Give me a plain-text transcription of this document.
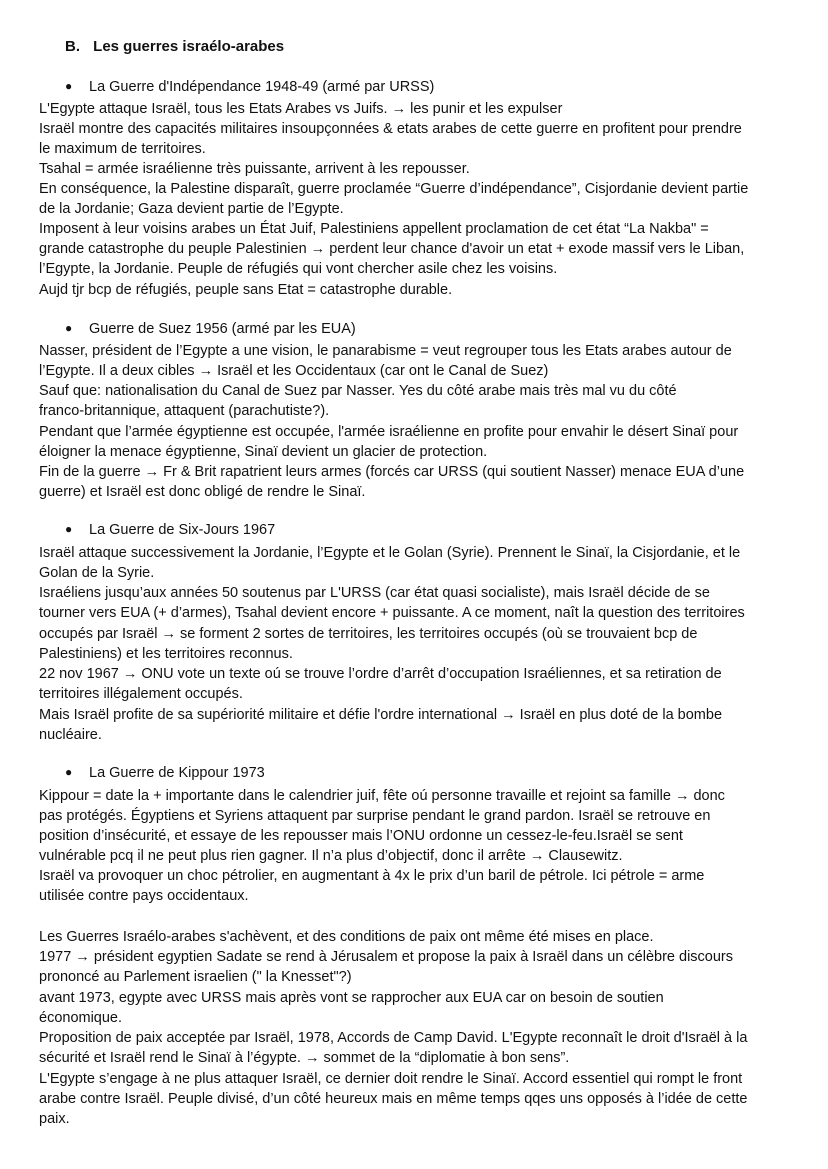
B. Les guerres israélo-arabes
● La Guerre d'Indépendance 1948-49 (armé par URSS)
L'Egypte attaque Israël, tous les Etats Arabes vs Juifs. → les punir et les expulser
Israël montre des capacités militaires insoupçonnées & etats arabes de cette guerre en profitent pour prendre
le maximum de territoires.
Tsahal = armée israélienne très puissante, arrivent à les repousser.
En conséquence, la Palestine disparaît, guerre proclamée “Guerre d’indépendance”, Cisjordanie devient partie
de la Jordanie; Gaza devient partie de l’Egypte.
Imposent à leur voisins arabes un État Juif, Palestiniens appellent proclamation de cet état “La Nakba" =
grande catastrophe du peuple Palestinien → perdent leur chance d'avoir un etat + exode massif vers le Liban,
l’Egypte, la Jordanie. Peuple de réfugiés qui vont chercher asile chez les voisins.
Aujd tjr bcp de réfugiés, peuple sans Etat = catastrophe durable.
● Guerre de Suez 1956 (armé par les EUA)
Nasser, président de l’Egypte a une vision, le panarabisme = veut regrouper tous les Etats arabes autour de
l’Egypte. Il a deux cibles → Israël et les Occidentaux (car ont le Canal de Suez)
Sauf que: nationalisation du Canal de Suez par Nasser. Yes du côté arabe mais très mal vu du côté
franco-britannique, attaquent (parachutiste?).
Pendant que l’armée égyptienne est occupée, l'armée israélienne en profite pour envahir le désert Sinaï pour
éloigner la menace égyptienne, Sinaï devient un glacier de protection.
Fin de la guerre → Fr & Brit rapatrient leurs armes (forcés car URSS (qui soutient Nasser) menace EUA d’une
guerre) et Israël est donc obligé de rendre le Sinaï.
● La Guerre de Six-Jours 1967
Israël attaque successivement la Jordanie, l’Egypte et le Golan (Syrie). Prennent le Sinaï, la Cisjordanie, et le
Golan de la Syrie.
Israéliens jusqu’aux années 50 soutenus par L'URSS (car état quasi socialiste), mais Israël décide de se
tourner vers EUA (+ d’armes), Tsahal devient encore + puissante. A ce moment, naît la question des territoires
occupés par Israël → se forment 2 sortes de territoires, les territoires occupés (où se trouvaient bcp de
Palestiniens) et les territoires reconnus.
22 nov 1967 → ONU vote un texte oú se trouve l’ordre d’arrêt d’occupation Israéliennes, et sa retiration de
territoires illégalement occupés.
Mais Israël profite de sa supériorité militaire et défie l'ordre international → Israël en plus doté de la bombe
nucléaire.
● La Guerre de Kippour 1973
Kippour = date la + importante dans le calendrier juif, fête oú personne travaille et rejoint sa famille → donc
pas protégés. Égyptiens et Syriens attaquent par surprise pendant le grand pardon. Israël se retrouve en
position d’insécurité, et essaye de les repousser mais l’ONU ordonne un cessez-le-feu.Israël se sent
vulnérable pcq il ne peut plus rien gagner. Il n’a plus d’objectif, donc il arrête → Clausewitz.
Israël va provoquer un choc pétrolier, en augmentant à 4x le prix d’un baril de pétrole. Ici pétrole = arme
utilisée contre pays occidentaux.
Les Guerres Israélo-arabes s'achèvent, et des conditions de paix ont même été mises en place.
1977 → président egyptien Sadate se rend à Jérusalem et propose la paix à Israël dans un célèbre discours
prononcé au Parlement israelien (" la Knesset"?)
avant 1973, egypte avec URSS mais après vont se rapprocher aux EUA car on besoin de soutien
économique.
Proposition de paix acceptée par Israël, 1978, Accords de Camp David. L'Egypte reconnaît le droit d'Israël à la
sécurité et Israël rend le Sinaï à l’égypte. → sommet de la “diplomatie à bon sens”.
L'Egypte s’engage à ne plus attaquer Israël, ce dernier doit rendre le Sinaï. Accord essentiel qui rompt le front
arabe contre Israël. Peuple divisé, d’un côté heureux mais en même temps qqes uns opposés à l’idée de cette
paix.
